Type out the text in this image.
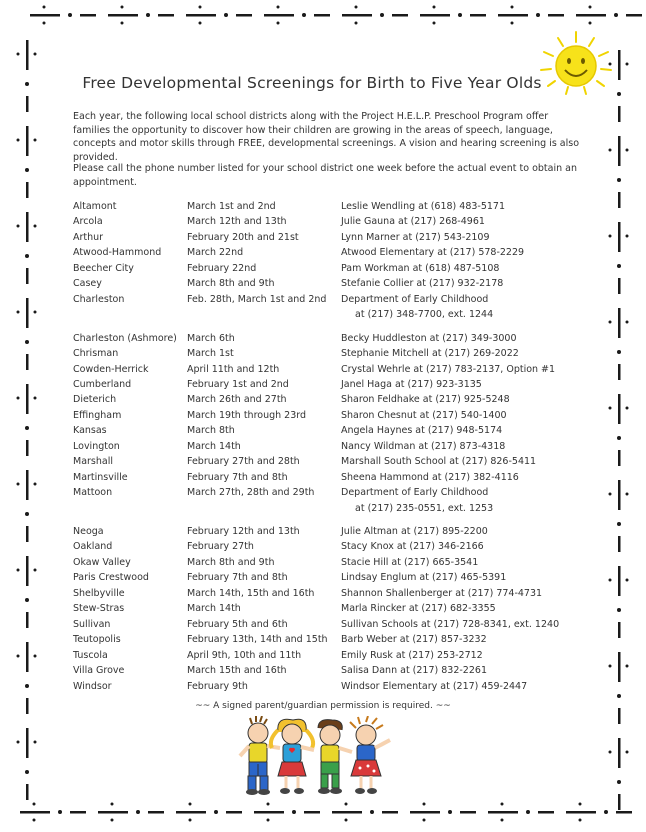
Free Developmental Screenings for Birth to Five Year Olds
Each year, the following local school districts along with the Project H.E.L.P. Preschool Program offer families the opportunity to discover how their children are growing in the areas of speech, language, concepts and motor skills through FREE, developmental screenings. A vision and hearing screening is also provided.
Please call the phone number listed for your school district one week before the actual event to obtain an appointment.
Altamont	March 1st and 2nd	Leslie Wendling at (618) 483-5171
Arcola	March 12th and 13th	Julie Gauna at (217) 268-4961
Arthur	February 20th and 21st	Lynn Marner at (217) 543-2109
Atwood-Hammond	March 22nd	Atwood Elementary at (217) 578-2229
Beecher City	February 22nd	Pam Workman at (618) 487-5108
Casey	March 8th and 9th	Stefanie Collier at (217) 932-2178
Charleston	Feb. 28th, March 1st and 2nd Department of Early Childhood
at (217) 348-7700, ext. 1244
Charleston (Ashmore) March 6th	Becky Huddleston at (217) 349-3000
Chrisman	March 1st	Stephanie Mitchell at (217) 269-2022
Cowden-Herrick	April 11th and 12th	Crystal Wehrle at (217) 783-2137, Option #1
Cumberland	February 1st and 2nd	Janel Haga at (217) 923-3135
Dieterich	March 26th and 27th	Sharon Feldhake at (217) 925-5248
Effingham	March 19th through 23rd	Sharon Chesnut at (217) 540-1400
Kansas	March 8th	Angela Haynes at (217) 948-5174
Lovington	March 14th	Nancy Wildman at (217) 873-4318
Marshall	February 27th and 28th	Marshall South School at (217) 826-5411
Martinsville	February 7th and 8th	Sheena Hammond at (217) 382-4116
Mattoon	March 27th, 28th and 29th	Department of Early Childhood
at (217) 235-0551, ext. 1253
Neoga	February 12th and 13th	Julie Altman at (217) 895-2200
Oakland	February 27th	Stacy Knox at (217) 346-2166
Okaw Valley	March 8th and 9th	Stacie Hill at (217) 665-3541
Paris Crestwood	February 7th and 8th	Lindsay Englum at (217) 465-5391
Shelbyville	March 14th, 15th and 16th	Shannon Shallenberger at (217) 774-4731
Stew-Stras	March 14th	Marla Rincker at (217) 682-3355
Sullivan	February 5th and 6th	Sullivan Schools at (217) 728-8341, ext. 1240
Teutopolis	February 13th, 14th and 15th Barb Weber at (217) 857-3232
Tuscola	April 9th, 10th and 11th	Emily Rusk at (217) 253-2712
Villa Grove	March 15th and 16th	Salisa Dann at (217) 832-2261
Windsor	February 9th	Windsor Elementary at (217) 459-2447
~~ A signed parent/guardian permission is required. ~~
